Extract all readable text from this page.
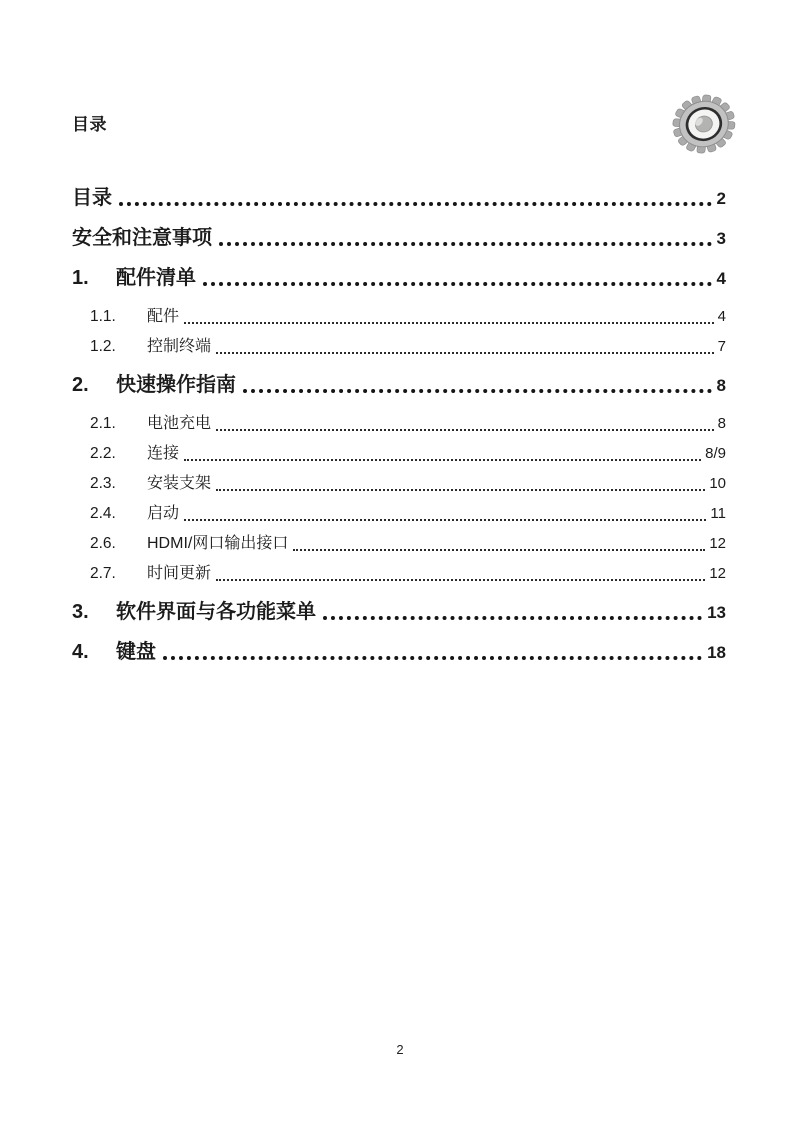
目录
目录	2
安全和注意事项	3
1.	配件清单	4
1.1.	配件	4
1.2.	控制终端	7
2.	快速操作指南	8
2.1.	电池充电	8
2.2.	连接	8/9
2.3.	安装支架	10
2.4.	启动	11
2.6.	HDMI/网口输出接口	12
2.7.	时间更新	12
3.	软件界面与各功能菜单	13
4.	键盘	18
2
